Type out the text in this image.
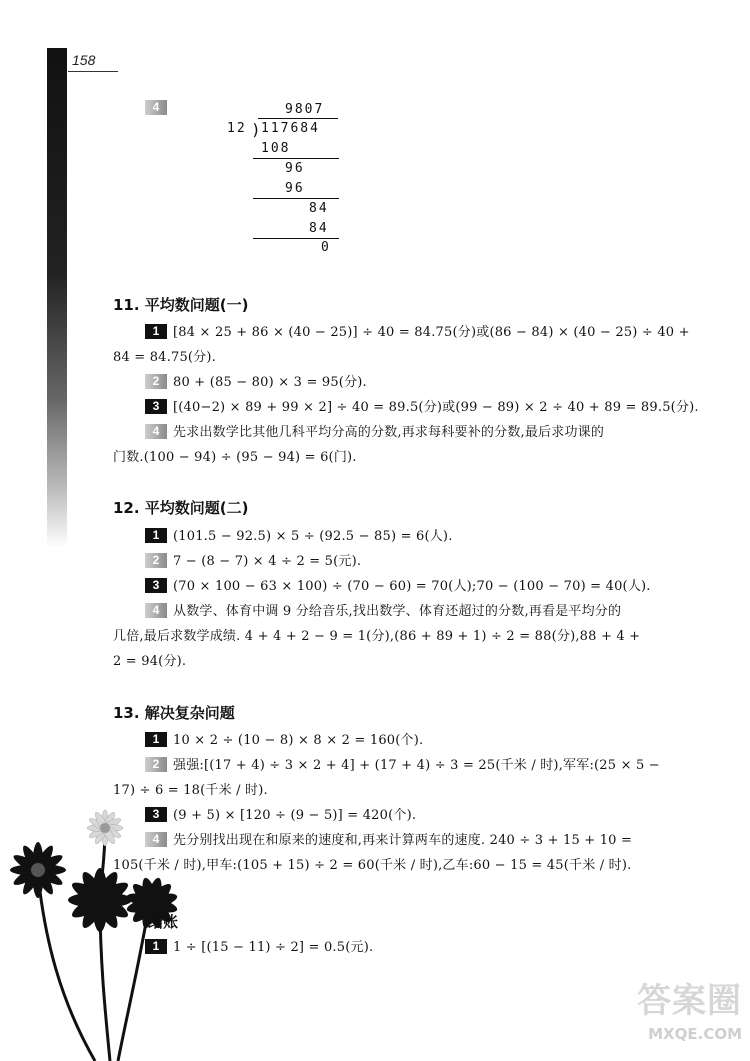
158
4	9807
12 )
117684
108
96
96
84
84
0
11. 平均数问题(一)
1 [84 × 25 + 86 × (40 − 25)] ÷ 40 = 84.75(分)或(86 − 84) × (40 − 25) ÷ 40 +
84 = 84.75(分).
2 80 + (85 − 80) × 3 = 95(分).
3 [(40−2) × 89 + 99 × 2] ÷ 40 = 89.5(分)或(99 − 89) × 2 ÷ 40 + 89 = 89.5(分).
4 先求出数学比其他几科平均分高的分数,再求每科要补的分数,最后求功课的
门数.(100 − 94) ÷ (95 − 94) = 6(门).
12. 平均数问题(二)
1 (101.5 − 92.5) × 5 ÷ (92.5 − 85) = 6(人).
2 7 − (8 − 7) × 4 ÷ 2 = 5(元).
3 (70 × 100 − 63 × 100) ÷ (70 − 60) = 70(人);70 − (100 − 70) = 40(人).
4 从数学、体育中调 9 分给音乐,找出数学、体育还超过的分数,再看是平均分的
几倍,最后求数学成绩. 4 + 4 + 2 − 9 = 1(分),(86 + 89 + 1) ÷ 2 = 88(分),88 + 4 +
2 = 94(分).
13. 解决复杂问题
1 10 × 2 ÷ (10 − 8) × 8 × 2 = 160(个).
2 强强:[(17 + 4) ÷ 3 × 2 + 4] + (17 + 4) ÷ 3 = 25(千米 / 时),军军:(25 × 5 −
17) ÷ 6 = 18(千米 / 时).
3 (9 + 5) × [120 ÷ (9 − 5)] = 420(个).
4 先分别找出现在和原来的速度和,再来计算两车的速度. 240 ÷ 3 + 15 + 10 =
105(千米 / 时),甲车:(105 + 15) ÷ 2 = 60(千米 / 时),乙车:60 − 15 = 45(千米 / 时).
结账
1 1 ÷ [(15 − 11) ÷ 2] = 0.5(元).
答案圈
MXQE.COM
